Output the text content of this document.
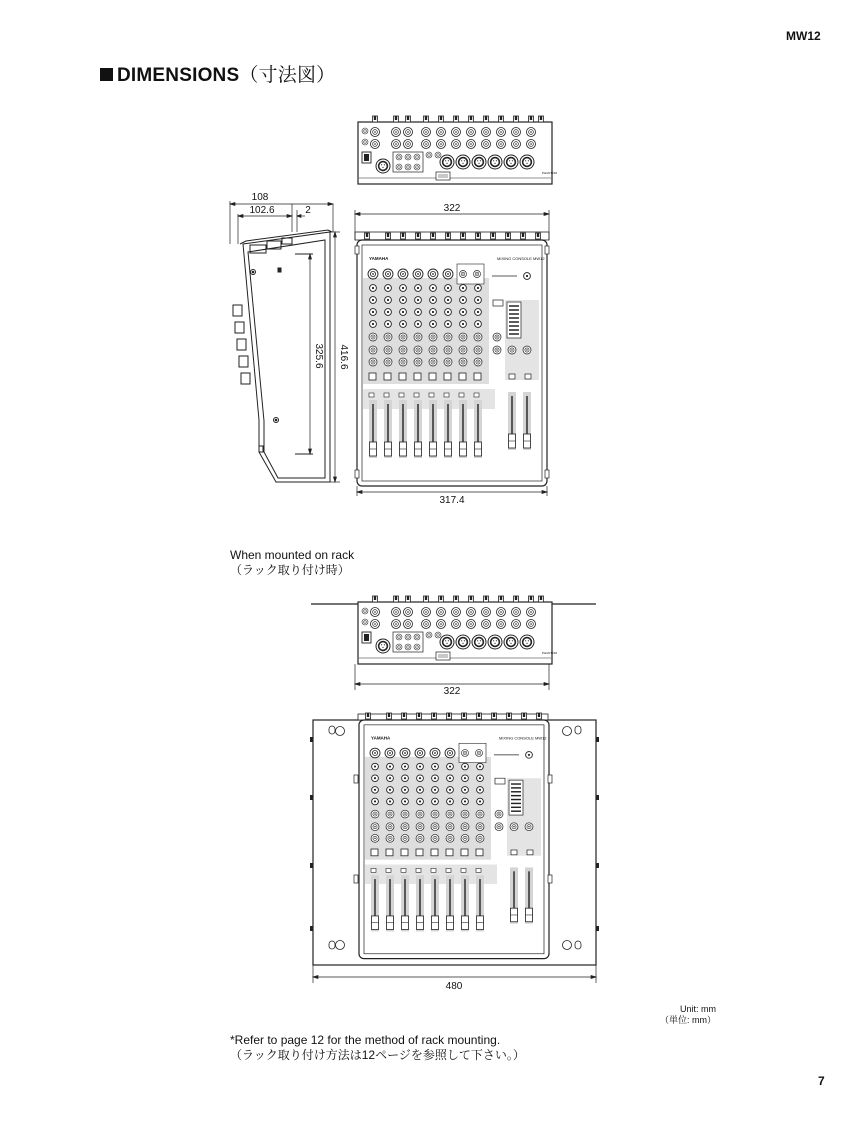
MW12
DIMENSIONS（寸法図）
PHANTOM
YAMAHA	MIXING CONSOLE MW12
108
102.6	2
325.6 416.6
322
317.4
322
480
When mounted on rack
（ラック取り付け時）
Unit: mm
（単位: mm）
*Refer to page 12 for the method of rack mounting.
（ラック取り付け方法は12ページを参照して下さい。）
7
